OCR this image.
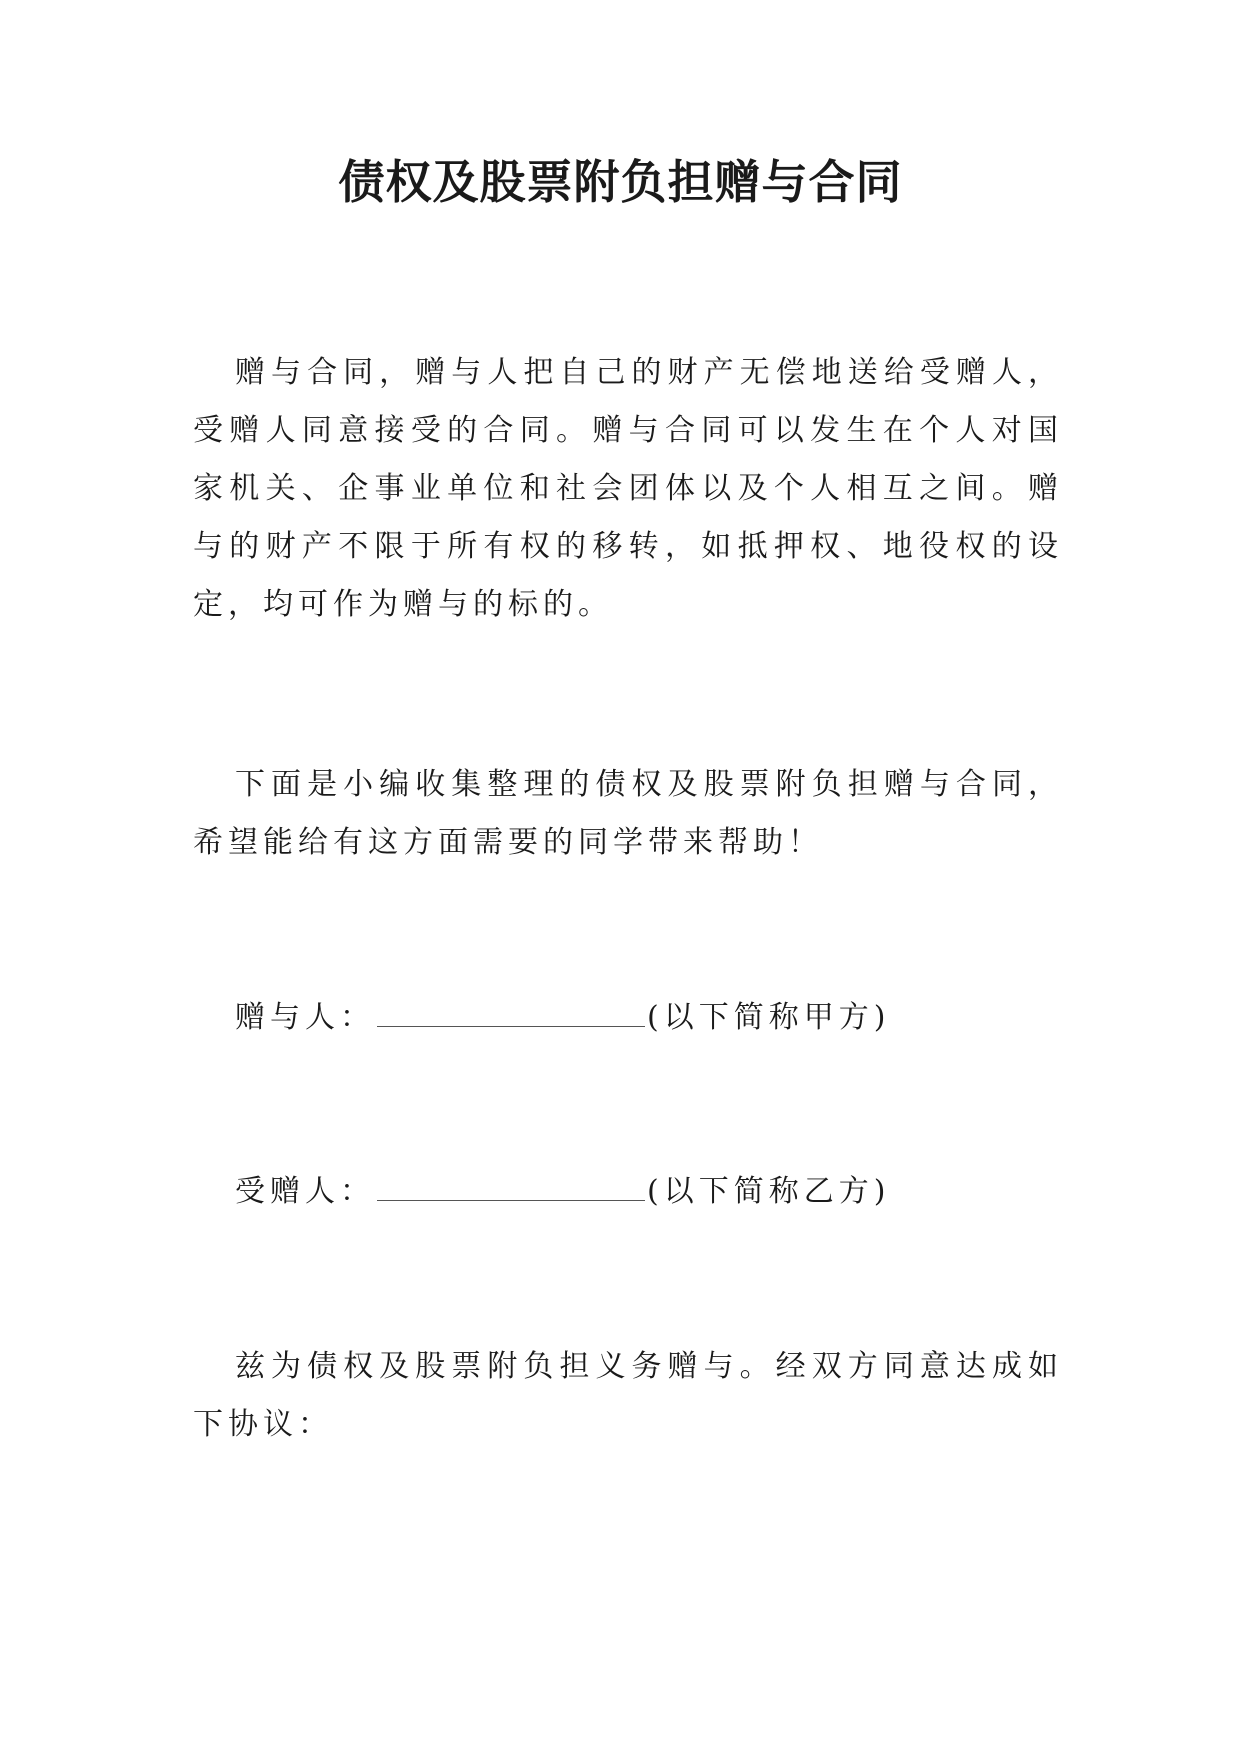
债权及股票附负担赠与合同
赠与合同，赠与人把自己的财产无偿地送给受赠人，受赠人同意接受的合同。赠与合同可以发生在个人对国家机关、企事业单位和社会团体以及个人相互之间。赠与的财产不限于所有权的移转，如抵押权、地役权的设定，均可作为赠与的标的。
下面是小编收集整理的债权及股票附负担赠与合同，希望能给有这方面需要的同学带来帮助！
赠与人：	(以下简称甲方)
受赠人：	(以下简称乙方)
兹为债权及股票附负担义务赠与。经双方同意达成如下协议：
